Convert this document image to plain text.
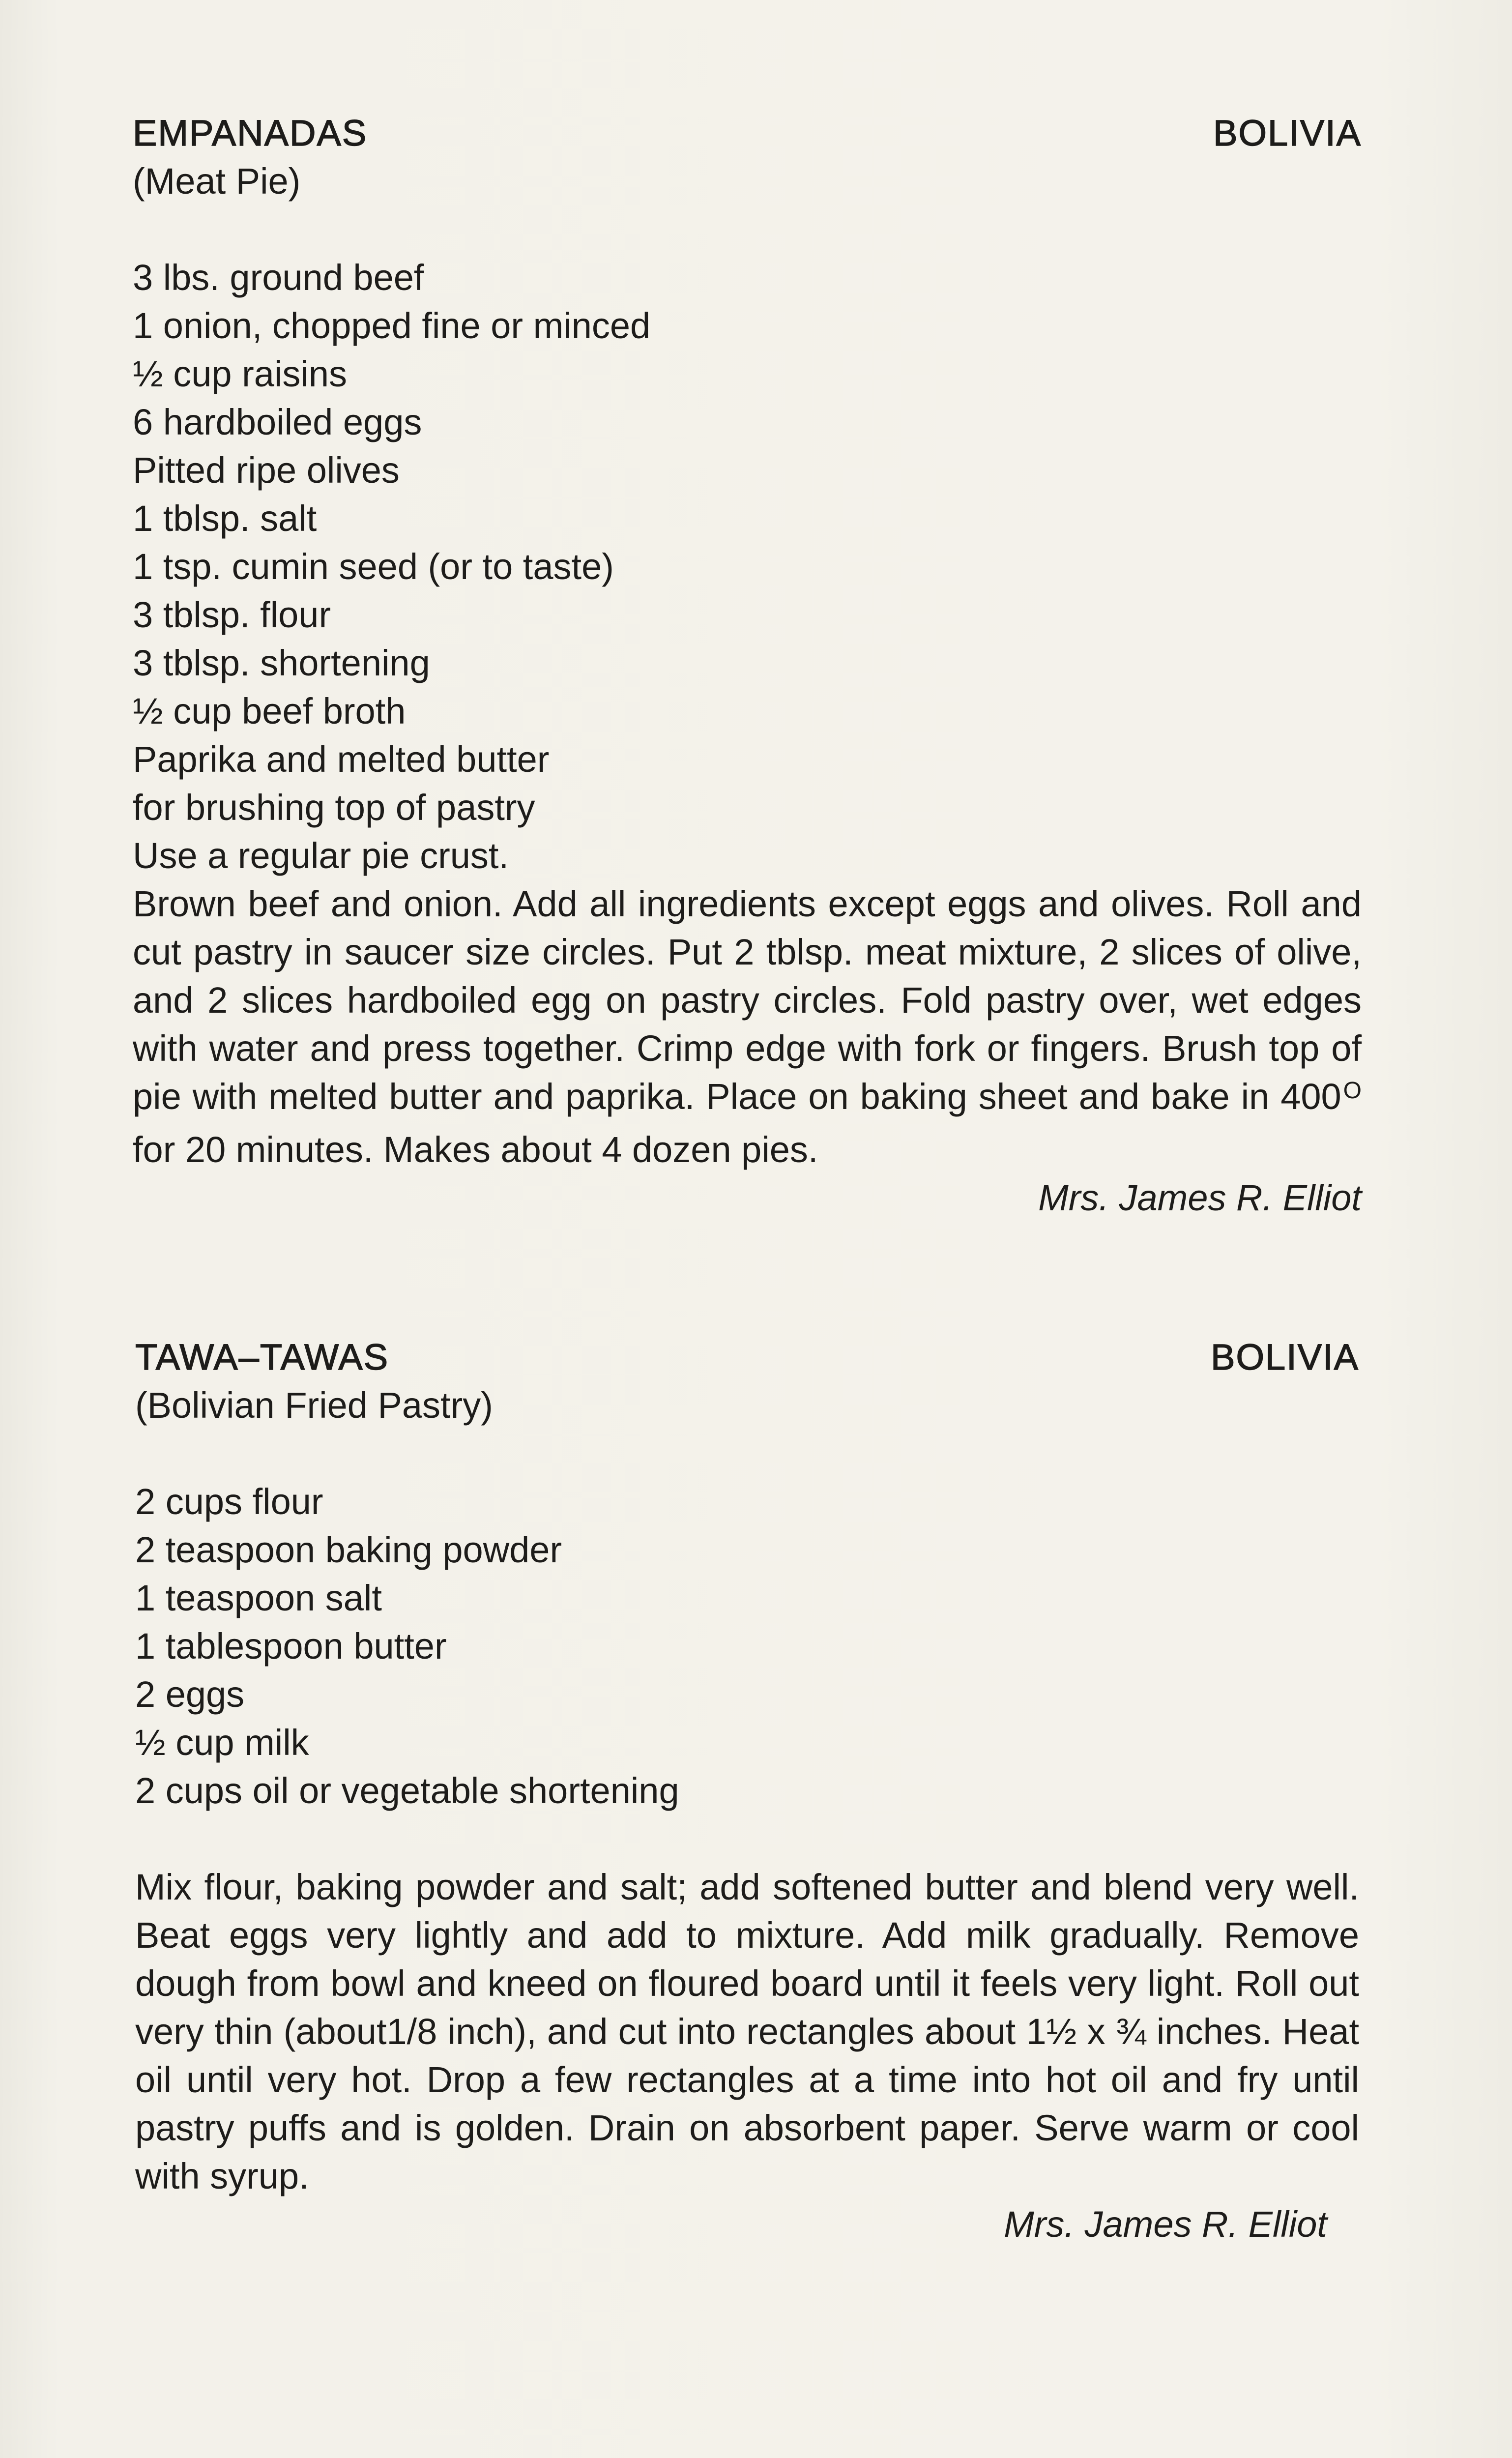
EMPANADAS	BOLIVIA

(Meat Pie)

3 lbs. ground beef
1 onion, chopped fine or minced
½ cup raisins
6 hardboiled eggs
Pitted ripe olives
1 tblsp. salt
1 tsp. cumin seed (or to taste)
3 tblsp. flour
3 tblsp. shortening
½ cup beef broth
Paprika and melted butter
for brushing top of pastry
Use a regular pie crust.

Brown beef and onion. Add all ingredients except eggs and olives. Roll and cut pastry in saucer size circles. Put 2 tblsp. meat mixture, 2 slices of olive, and 2 slices hardboiled egg on pastry circles. Fold pastry over, wet edges with water and press together. Crimp edge with fork or fingers. Brush top of pie with melted butter and paprika. Place on baking sheet and bake in $400^O$ for 20 minutes. Makes about 4 dozen pies.

Mrs. James R. Elliot

TAWA–TAWAS	BOLIVIA

(Bolivian Fried Pastry)

2 cups flour
2 teaspoon baking powder
1 teaspoon salt
1 tablespoon butter
2 eggs
½ cup milk
2 cups oil or vegetable shortening

Mix flour, baking powder and salt; add softened butter and blend very well. Beat eggs very lightly and add to mixture. Add milk gradually. Remove dough from bowl and kneed on floured board until it feels very light. Roll out very thin (about1/8 inch), and cut into rectangles about 1½ x ¾ inches. Heat oil until very hot. Drop a few rectangles at a time into hot oil and fry until pastry puffs and is golden. Drain on absorbent paper. Serve warm or cool with syrup.

Mrs. James R. Elliot
